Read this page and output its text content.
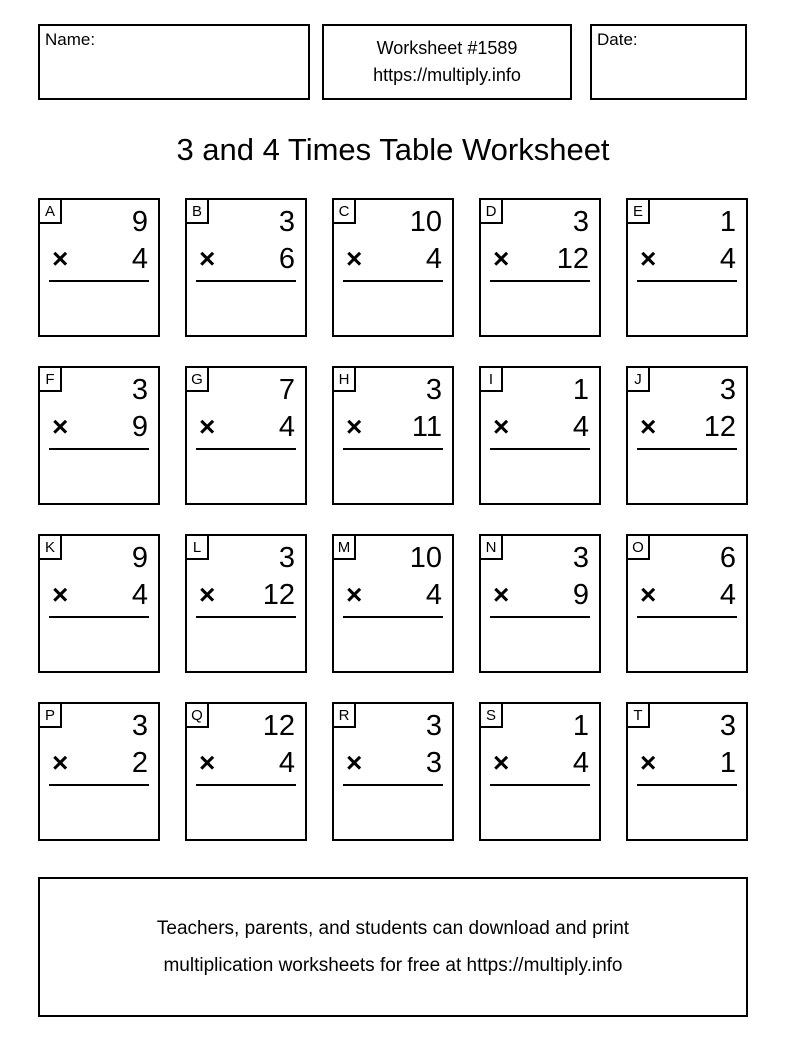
Name:	Worksheet #1589
https://multiply.info
Date:
3 and 4 Times Table Worksheet
A	9
× 4
B	3
× 6
C	10
× 4
D	3
× 12
E	1
× 4
F	3
× 9
G	7
× 4
H	3
× 11
I	1
× 4
J	3
× 12
K	9
× 4
L	3
× 12
M	10
× 4
N	3
× 9
O	6
× 4
P	3
× 2
Q	12
× 4
R	3
× 3
S	1
× 4
T	3
× 1
Teachers, parents, and students can download and print
multiplication worksheets for free at https://multiply.info
